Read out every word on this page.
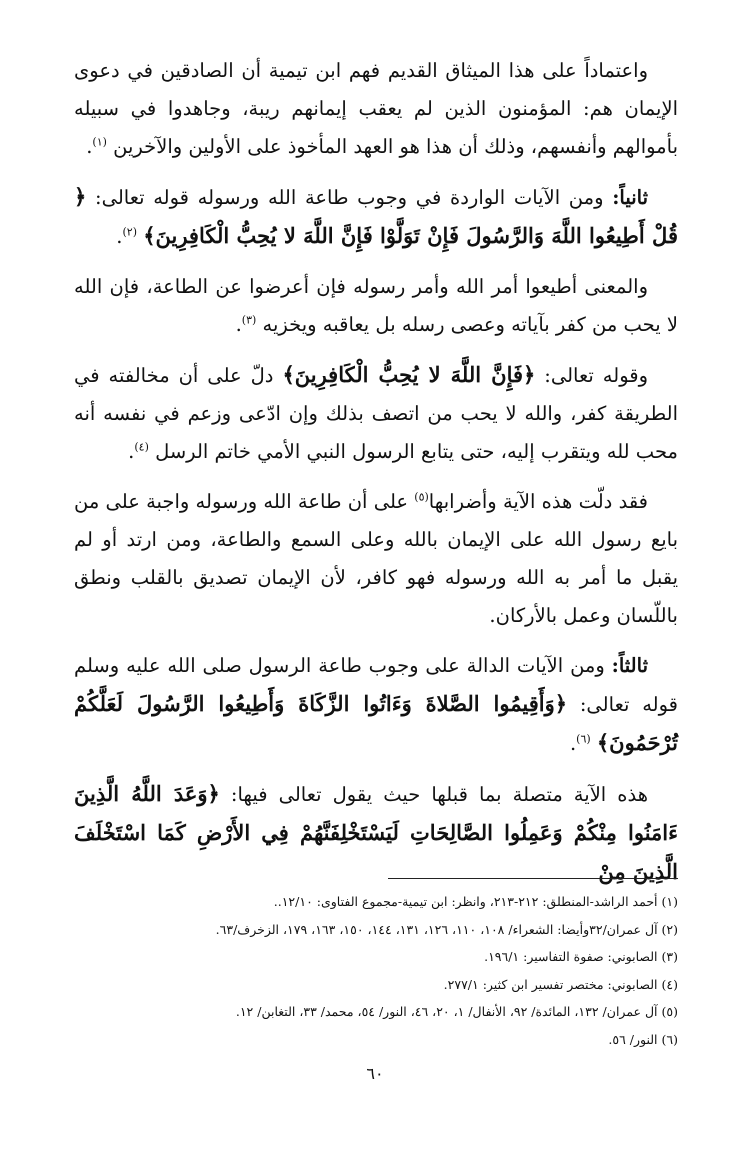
واعتماداً على هذا الميثاق القديم فهم ابن تيمية أن الصادقين في دعوى الإيمان هم: المؤمنون الذين لم يعقب إيمانهم ريبة، وجاهدوا في سبيله بأموالهم وأنفسهم، وذلك أن هذا هو العهد المأخوذ على الأولين والآخرين $^{(١)}$.

ثانياً: ومن الآيات الواردة في وجوب طاعة الله ورسوله قوله تعالى: ﴿ قُلْ أَطِيعُوا اللَّهَ وَالرَّسُولَ فَإِنْ تَوَلَّوْا فَإِنَّ اللَّهَ لا يُحِبُّ الْكَافِرِينَ﴾ $^{(٢)}$.

والمعنى أطيعوا أمر الله وأمر رسوله فإن أعرضوا عن الطاعة، فإن الله لا يحب من كفر بآياته وعصى رسله بل يعاقبه ويخزيه $^{(٣)}$.

وقوله تعالى: ﴿فَإِنَّ اللَّهَ لا يُحِبُّ الْكَافِرِينَ﴾ دلّ على أن مخالفته في الطريقة كفر، والله لا يحب من اتصف بذلك وإن ادّعى وزعم في نفسه أنه محب لله ويتقرب إليه، حتى يتابع الرسول النبي الأمي خاتم الرسل $^{(٤)}$.

فقد دلّت هذه الآية وأضرابها$^{(٥)}$ على أن طاعة الله ورسوله واجبة على من بايع رسول الله على الإيمان بالله وعلى السمع والطاعة، ومن ارتد أو لم يقبل ما أمر به الله ورسوله فهو كافر، لأن الإيمان تصديق بالقلب ونطق باللّسان وعمل بالأركان.

ثالثاً: ومن الآيات الدالة على وجوب طاعة الرسول صلى الله عليه وسلم قوله تعالى: ﴿وَأَقِيمُوا الصَّلاةَ وَءَاتُوا الزَّكَاةَ وَأَطِيعُوا الرَّسُولَ لَعَلَّكُمْ تُرْحَمُونَ﴾ $^{(٦)}$.

هذه الآية متصلة بما قبلها حيث يقول تعالى فيها: ﴿وَعَدَ اللَّهُ الَّذِينَ ءَامَنُوا مِنْكُمْ وَعَمِلُوا الصَّالِحَاتِ لَيَسْتَخْلِفَنَّهُمْ فِي الأَرْضِ كَمَا اسْتَخْلَفَ الَّذِينَ مِنْ

(١) أحمد الراشد-المنطلق: ٢١٢-٢١٣، وانظر: ابن تيمية-مجموع الفتاوى: ١٢/١٠..

(٢) آل عمران/٣٢وأيضا: الشعراء/ ١٠٨، ١١٠، ١٢٦، ١٣١، ١٤٤، ١٥٠، ١٦٣، ١٧٩، الزخرف/٦٣.

(٣) الصابوني: صفوة التفاسير: ١٩٦/١.

(٤) الصابوني: مختصر تفسير ابن كثير: ٢٧٧/١.

(٥) آل عمران/ ١٣٢، المائدة/ ٩٢، الأنفال/ ١، ٢٠، ٤٦، النور/ ٥٤، محمد/ ٣٣، التغابن/ ١٢.

(٦) النور/ ٥٦.

٦٠
